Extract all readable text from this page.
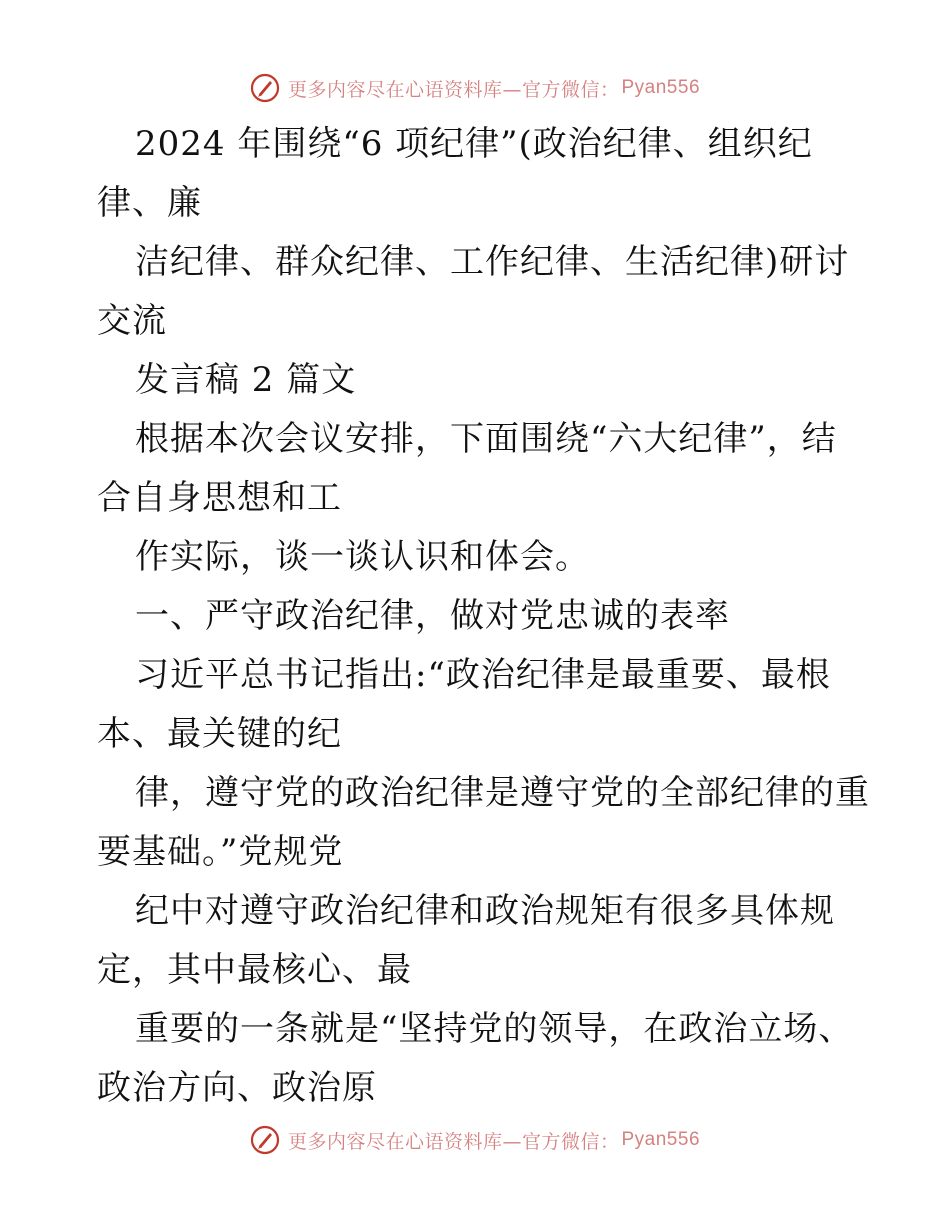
更多内容尽在心语资料库—官方微信： Pyan556
2024 年围绕“6 项纪律”(政治纪律、组织纪
律、廉
洁纪律、群众纪律、工作纪律、生活纪律)研讨
交流
发言稿 2 篇文
根据本次会议安排，下面围绕“六大纪律”，结
合自身思想和工
作实际，谈一谈认识和体会。
一、严守政治纪律，做对党忠诚的表率
习近平总书记指出:“政治纪律是最重要、最根
本、最关键的纪
律，遵守党的政治纪律是遵守党的全部纪律的重
要基础。”党规党
纪中对遵守政治纪律和政治规矩有很多具体规
定，其中最核心、最
重要的一条就是“坚持党的领导，在政治立场、
政治方向、政治原
更多内容尽在心语资料库—官方微信： Pyan556
